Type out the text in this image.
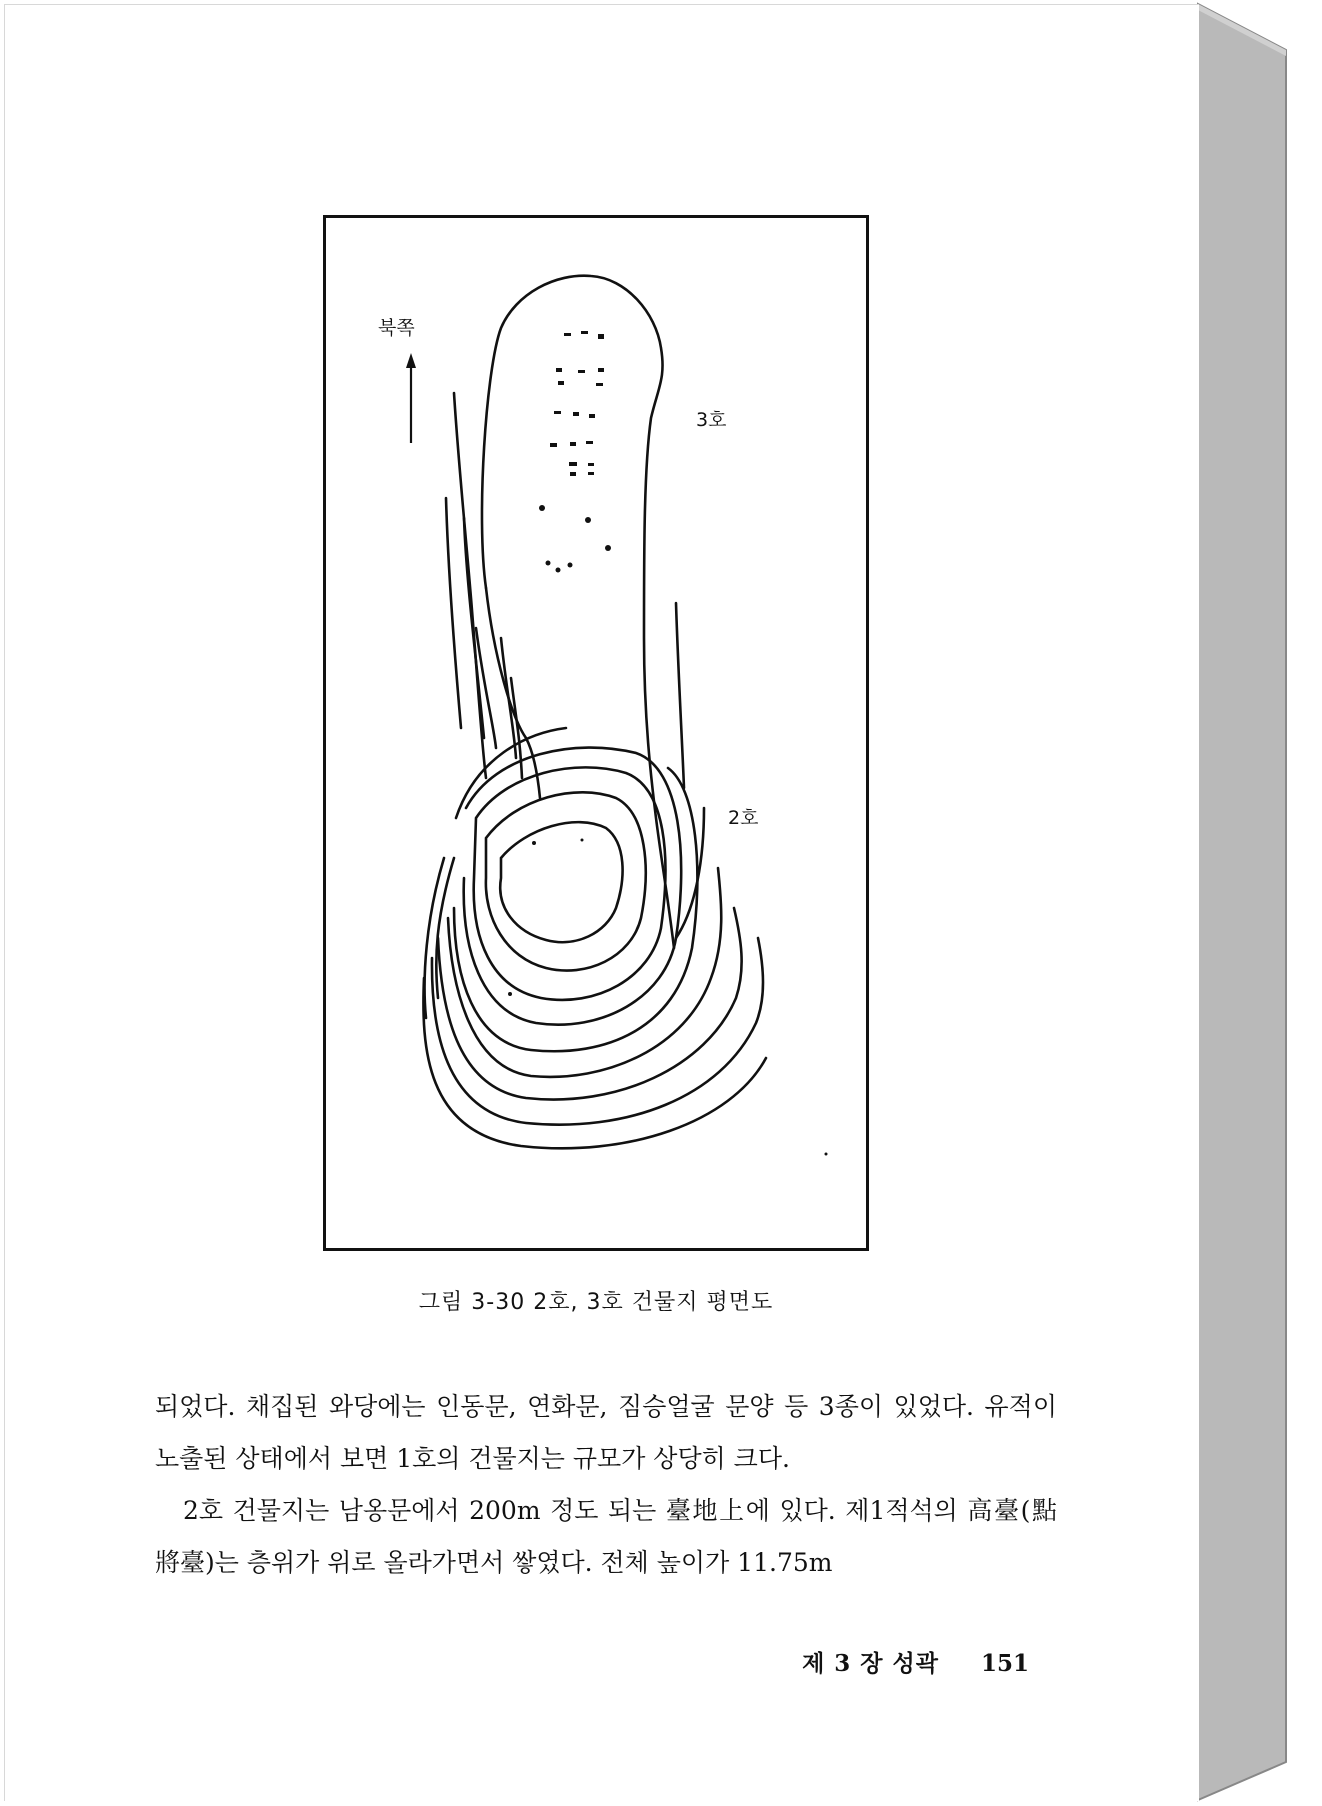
북쪽
3호
2호
그림 3-30 2호, 3호 건물지 평면도

되었다. 채집된 와당에는 인동문, 연화문, 짐승얼굴 문양 등 3종이 있었다. 유적이 노출된 상태에서 보면 1호의 건물지는 규모가 상당히 크다.

2호 건물지는 남옹문에서 200m 정도 되는 臺地上에 있다. 제1적석의 高臺(點將臺)는 층위가 위로 올라가면서 쌓였다. 전체 높이가 11.75m

제 3 장 성곽 151
